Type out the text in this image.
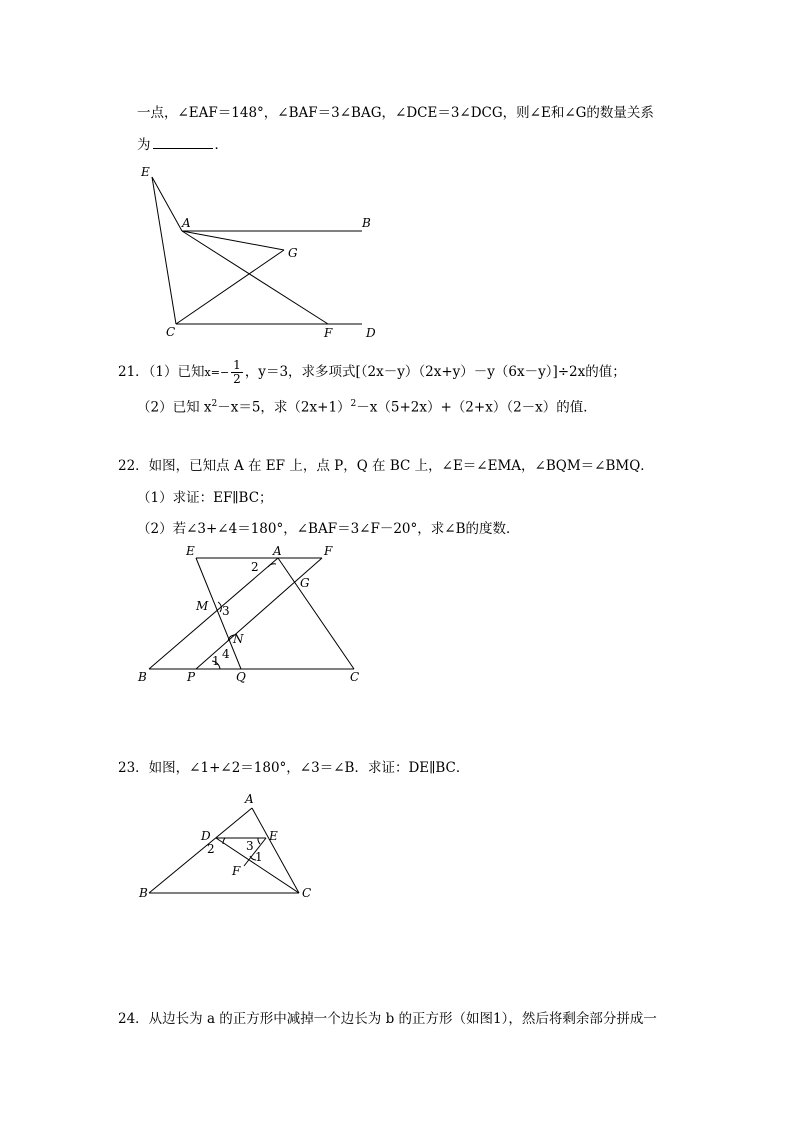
一点，∠EAF＝148°，∠BAF＝3∠BAG，∠DCE＝3∠DCG，则∠E和∠G的数量关系
为	．
E
A	B
G
C	F	D
21．（1）已知$x=- \frac{1}{2}$ ，y＝3，求多项式[（2x－y）（2x+y）－y（6x－y）]÷2x的值；
（2）已知 $x^2-x=5$，求$(2x+1)^2-x(5+2x)+(2+x)(2-x)$的值．
22．如图，已知点 A 在 EF 上，点 P，Q 在 BC 上，∠E＝∠EMA，∠BQM＝∠BMQ．
（1）求证：EF∥BC；
（2）若∠3+∠4＝180°，∠BAF＝3∠F－20°，求∠B的度数．
E	A	F
G
M
N
B	P	Q	C
2
3
4
1
23．如图，∠1+∠2＝180°，∠3＝∠B．求证：DE∥BC．
A
D	E
F
B	C
2	3
1
24．从边长为 a 的正方形中减掉一个边长为 b 的正方形（如图1），然后将剩余部分拼成一
